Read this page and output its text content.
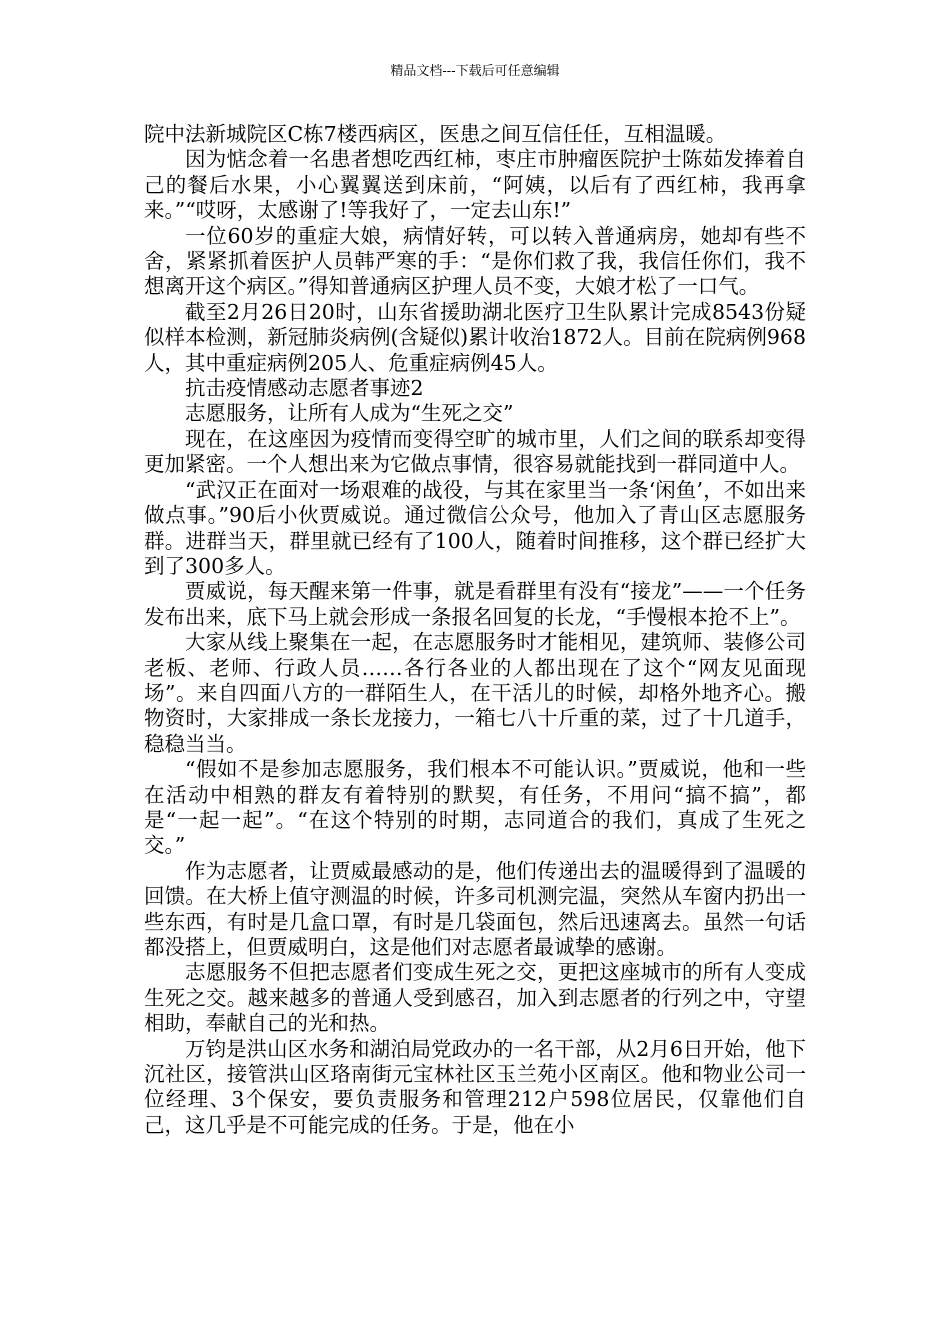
精品文档---下载后可任意编辑

院中法新城院区C栋7楼西病区，医患之间互信任任，互相温暖。

因为惦念着一名患者想吃西红柿，枣庄市肿瘤医院护士陈茹发捧着自己的餐后水果，小心翼翼送到床前，“阿姨，以后有了西红柿，我再拿来。”“哎呀，太感谢了!等我好了，一定去山东!”

一位60岁的重症大娘，病情好转，可以转入普通病房，她却有些不舍，紧紧抓着医护人员韩严寒的手：“是你们救了我，我信任你们，我不想离开这个病区。”得知普通病区护理人员不变，大娘才松了一口气。

截至2月26日20时，山东省援助湖北医疗卫生队累计完成8543份疑似样本检测，新冠肺炎病例(含疑似)累计收治1872人。目前在院病例968人，其中重症病例205人、危重症病例45人。

抗击疫情感动志愿者事迹2

志愿服务，让所有人成为“生死之交”

现在，在这座因为疫情而变得空旷的城市里，人们之间的联系却变得更加紧密。一个人想出来为它做点事情，很容易就能找到一群同道中人。

“武汉正在面对一场艰难的战役，与其在家里当一条‘闲鱼’，不如出来做点事。”90后小伙贾威说。通过微信公众号，他加入了青山区志愿服务群。进群当天，群里就已经有了100人，随着时间推移，这个群已经扩大到了300多人。

贾威说，每天醒来第一件事，就是看群里有没有“接龙”——一个任务发布出来，底下马上就会形成一条报名回复的长龙，“手慢根本抢不上”。

大家从线上聚集在一起，在志愿服务时才能相见，建筑师、装修公司老板、老师、行政人员……各行各业的人都出现在了这个“网友见面现场”。来自四面八方的一群陌生人，在干活儿的时候，却格外地齐心。搬物资时，大家排成一条长龙接力，一箱七八十斤重的菜，过了十几道手，稳稳当当。

“假如不是参加志愿服务，我们根本不可能认识。”贾威说，他和一些在活动中相熟的群友有着特别的默契，有任务，不用问“搞不搞”，都是“一起一起”。“在这个特别的时期，志同道合的我们，真成了生死之交。”

作为志愿者，让贾威最感动的是，他们传递出去的温暖得到了温暖的回馈。在大桥上值守测温的时候，许多司机测完温，突然从车窗内扔出一些东西，有时是几盒口罩，有时是几袋面包，然后迅速离去。虽然一句话都没搭上，但贾威明白，这是他们对志愿者最诚挚的感谢。

志愿服务不但把志愿者们变成生死之交，更把这座城市的所有人变成生死之交。越来越多的普通人受到感召，加入到志愿者的行列之中，守望相助，奉献自己的光和热。

万钧是洪山区水务和湖泊局党政办的一名干部，从2月6日开始，他下沉社区，接管洪山区珞南街元宝林社区玉兰苑小区南区。他和物业公司一位经理、3个保安，要负责服务和管理212户598位居民，仅靠他们自己，这几乎是不可能完成的任务。于是，他在小
